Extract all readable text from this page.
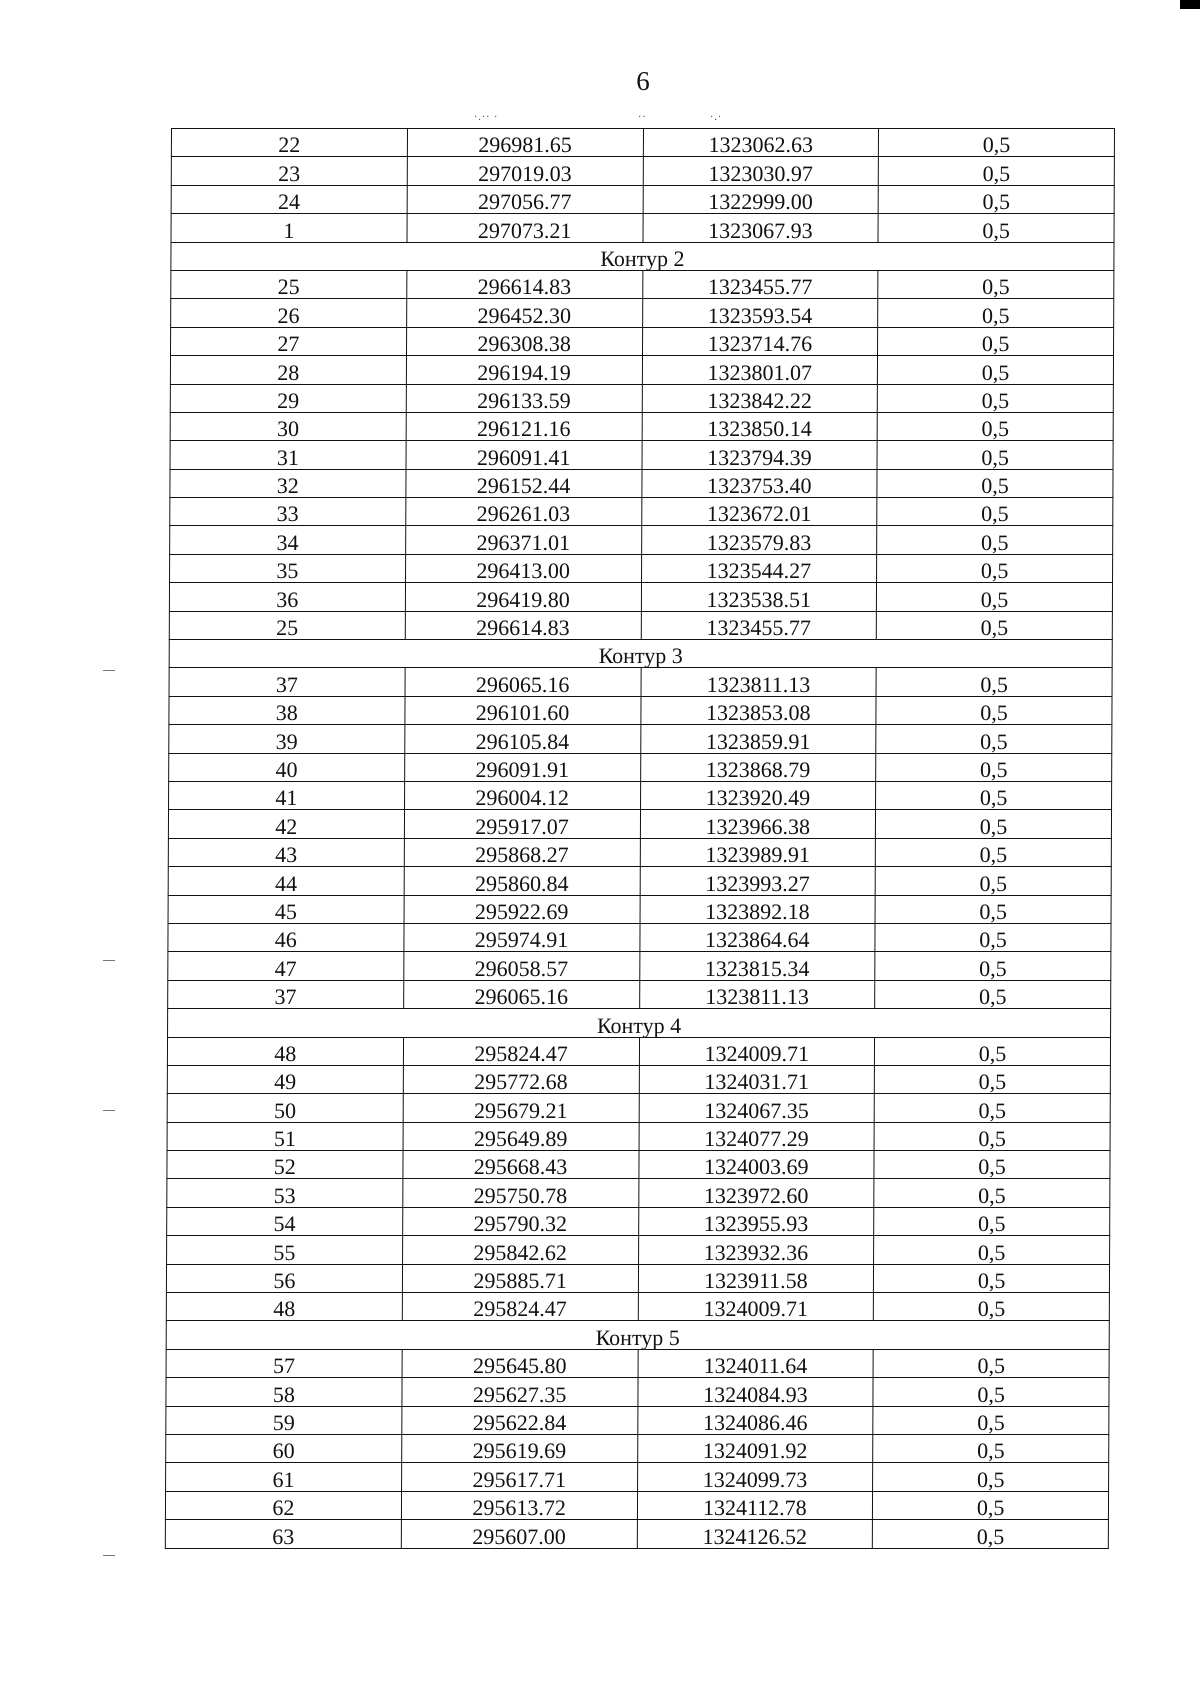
6
·.·· ·	··	·.·
22	296981.65	1323062.63	0,5
23	297019.03	1323030.97	0,5
24	297056.77	1322999.00	0,5
1	297073.21	1323067.93	0,5
Контур 2			
25	296614.83	1323455.77	0,5
26	296452.30	1323593.54	0,5
27	296308.38	1323714.76	0,5
28	296194.19	1323801.07	0,5
29	296133.59	1323842.22	0,5
30	296121.16	1323850.14	0,5
31	296091.41	1323794.39	0,5
32	296152.44	1323753.40	0,5
33	296261.03	1323672.01	0,5
34	296371.01	1323579.83	0,5
35	296413.00	1323544.27	0,5
36	296419.80	1323538.51	0,5
25	296614.83	1323455.77	0,5
Контур 3			
37	296065.16	1323811.13	0,5
38	296101.60	1323853.08	0,5
39	296105.84	1323859.91	0,5
40	296091.91	1323868.79	0,5
41	296004.12	1323920.49	0,5
42	295917.07	1323966.38	0,5
43	295868.27	1323989.91	0,5
44	295860.84	1323993.27	0,5
45	295922.69	1323892.18	0,5
46	295974.91	1323864.64	0,5
47	296058.57	1323815.34	0,5
37	296065.16	1323811.13	0,5
Контур 4			
48	295824.47	1324009.71	0,5
49	295772.68	1324031.71	0,5
50	295679.21	1324067.35	0,5
51	295649.89	1324077.29	0,5
52	295668.43	1324003.69	0,5
53	295750.78	1323972.60	0,5
54	295790.32	1323955.93	0,5
55	295842.62	1323932.36	0,5
56	295885.71	1323911.58	0,5
48	295824.47	1324009.71	0,5
Контур 5			
57	295645.80	1324011.64	0,5
58	295627.35	1324084.93	0,5
59	295622.84	1324086.46	0,5
60	295619.69	1324091.92	0,5
61	295617.71	1324099.73	0,5
62	295613.72	1324112.78	0,5
63	295607.00	1324126.52	0,5
